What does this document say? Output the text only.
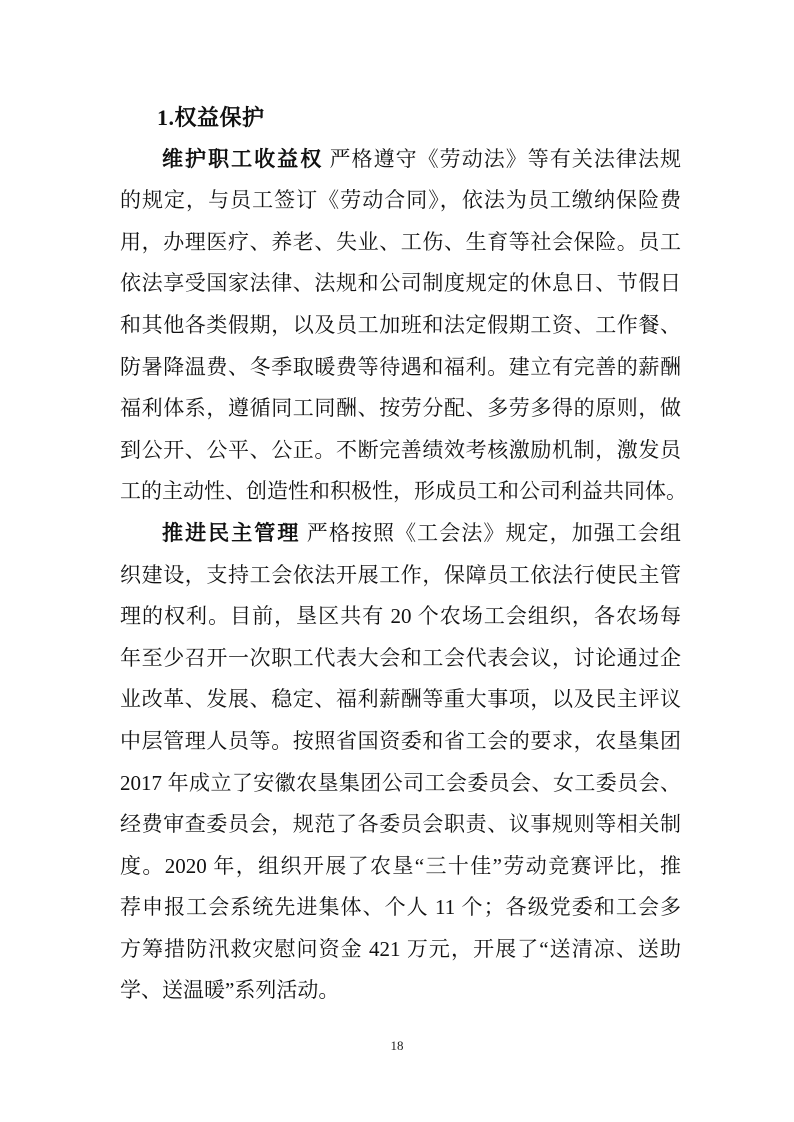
1.权益保护
维护职工收益权 严格遵守《劳动法》等有关法律法规
的规定，与员工签订《劳动合同》，依法为员工缴纳保险费
用，办理医疗、养老、失业、工伤、生育等社会保险。员工
依法享受国家法律、法规和公司制度规定的休息日、节假日
和其他各类假期，以及员工加班和法定假期工资、工作餐、
防暑降温费、冬季取暖费等待遇和福利。建立有完善的薪酬
福利体系，遵循同工同酬、按劳分配、多劳多得的原则，做
到公开、公平、公正。不断完善绩效考核激励机制，激发员
工的主动性、创造性和积极性，形成员工和公司利益共同体。
推进民主管理 严格按照《工会法》规定，加强工会组
织建设，支持工会依法开展工作，保障员工依法行使民主管
理的权利。目前，垦区共有 20 个农场工会组织，各农场每
年至少召开一次职工代表大会和工会代表会议，讨论通过企
业改革、发展、稳定、福利薪酬等重大事项，以及民主评议
中层管理人员等。按照省国资委和省工会的要求，农垦集团
2017 年成立了安徽农垦集团公司工会委员会、女工委员会、
经费审查委员会，规范了各委员会职责、议事规则等相关制
度。2020 年，组织开展了农垦“三十佳”劳动竞赛评比，推
荐申报工会系统先进集体、个人 11 个；各级党委和工会多
方筹措防汛救灾慰问资金 421 万元，开展了“送清凉、送助
学、送温暖”系列活动。
18
